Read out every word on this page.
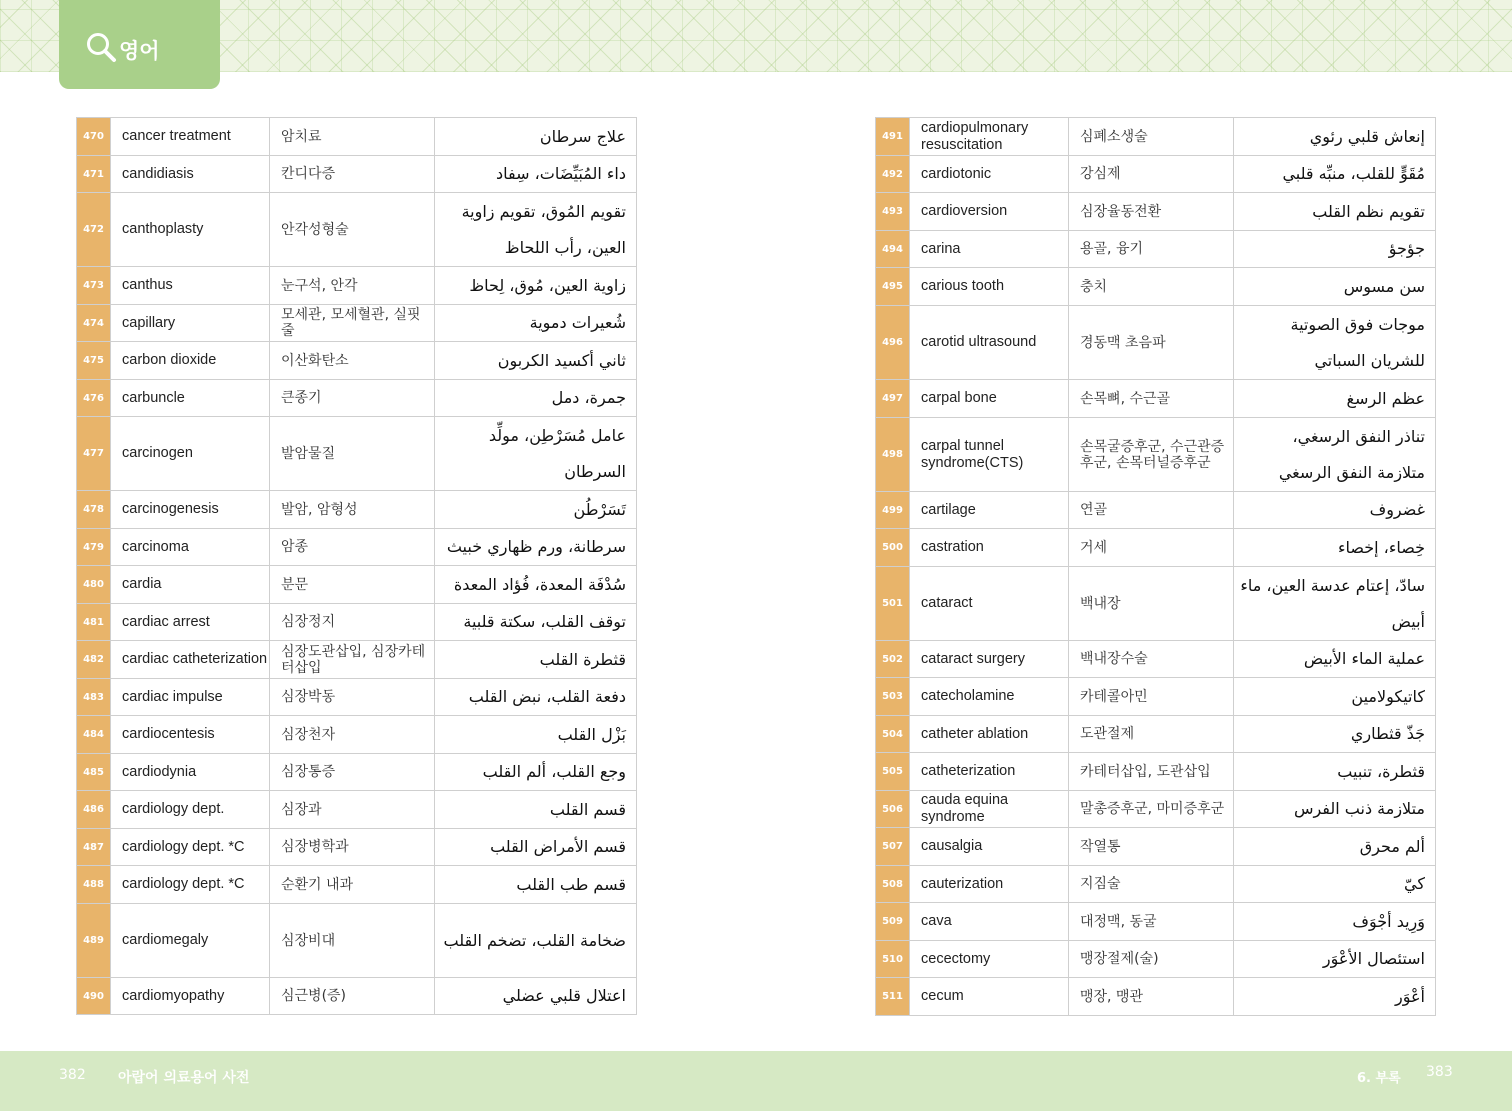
영어
470	cancer treatment	암치료	علاج سرطان
471	candidiasis	칸디다증	داء المُبَيِّضَات، سِفاد
472	canthoplasty	안각성형술	تقويم المُوق، تقويم زاوية العين، رأب اللحاظ
473	canthus	눈구석, 안각	زاوية العين، مُوق، لِحاظ
474	capillary	모세관, 모세혈관, 실핏줄	شُعيرات دموية
475	carbon dioxide	이산화탄소	ثاني أكسيد الكربون
476	carbuncle	큰종기	جمرة، دمل
477	carcinogen	발암물질	عامل مُسَرْطِن، مولِّد السرطان
478	carcinogenesis	발암, 암형성	تَسَرْطُن
479	carcinoma	암종	سرطانة، ورم ظهاري خبيث
480	cardia	분문	سُدْفَة المعدة، فُؤاد المعدة
481	cardiac arrest	심장정지	توقف القلب، سكتة قلبية
482	cardiac catheterization	심장도관삽입, 심장카테터삽입	قثطرة القلب
483	cardiac impulse	심장박동	دفعة القلب، نبض القلب
484	cardiocentesis	심장천자	بَزْل القلب
485	cardiodynia	심장통증	وجع القلب، ألم القلب
486	cardiology dept.	심장과	قسم القلب
487	cardiology dept. *C	심장병학과	قسم الأمراض القلب
488	cardiology dept. *C	순환기 내과	قسم طب القلب
489	cardiomegaly	심장비대	ضخامة القلب، تضخم القلب
490	cardiomyopathy	심근병(증)	اعتلال قلبي عضلي
491	cardiopulmonary resuscitation	심폐소생술	إنعاش قلبي رئوي
492	cardiotonic	강심제	مُقَوٍّ للقلب، منبِّه قلبي
493	cardioversion	심장율동전환	تقويم نظم القلب
494	carina	용골, 융기	جؤجؤ
495	carious tooth	충치	سن مسوس
496	carotid ultrasound	경동맥 초음파	موجات فوق الصوتية للشريان السباتي
497	carpal bone	손목뼈, 수근골	عظم الرسغ
498	carpal tunnel syndrome(CTS)	손목굴증후군, 수근관증후군, 손목터널증후군	تناذر النفق الرسغي، متلازمة النفق الرسغي
499	cartilage	연골	غضروف
500	castration	거세	خِصاء، إخصاء
501	cataract	백내장	سادّ، إعتام عدسة العين، ماء أبيض
502	cataract surgery	백내장수술	عملية الماء الأبيض
503	catecholamine	카테콜아민	كاتيكولامين
504	catheter ablation	도관절제	جَذّ قثطاري
505	catheterization	카테터삽입, 도관삽입	قثطرة، تنبيب
506	cauda equina syndrome	말총증후군, 마미증후군	متلازمة ذنب الفرس
507	causalgia	작열통	ألم محرق
508	cauterization	지짐술	كيّ
509	cava	대정맥, 동굴	وَرِيد أجْوَف
510	cecectomy	맹장절제(술)	استئصال الأعْوَر
511	cecum	맹장, 맹관	أعْوَر
382 아랍어 의료용어 사전	6. 부록 383
